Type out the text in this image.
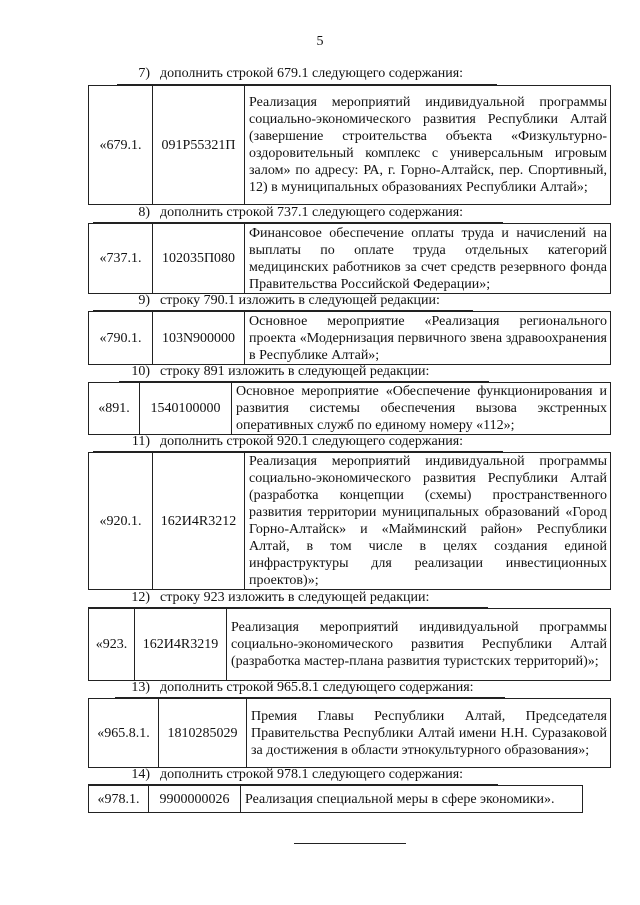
5
7) дополнить строкой 679.1 следующего содержания:
«679.1.	091P55321П	Реализация мероприятий индивидуальной программы социально-экономического развития Республики Алтай (завершение строительства объекта «Физкультурно-оздоровительный комплекс с универсальным игровым залом» по адресу: РА, г. Горно-Алтайск, пер. Спортивный, 12) в муниципальных образованиях Республики Алтай»;
8) дополнить строкой 737.1 следующего содержания:
«737.1.	102035П080	Финансовое обеспечение оплаты труда и начислений на выплаты по оплате труда отдельных категорий медицинских работников за счет средств резервного фонда Правительства Российской Федерации»;
9) строку 790.1 изложить в следующей редакции:
«790.1.	103N900000	Основное мероприятие «Реализация регионального проекта «Модернизация первичного звена здравоохранения в Республике Алтай»;
10) строку 891 изложить в следующей редакции:
«891.	1540100000	Основное мероприятие «Обеспечение функционирования и развития системы обеспечения вызова экстренных оперативных служб по единому номеру «112»;
11) дополнить строкой 920.1 следующего содержания:
«920.1.	162И4R3212	Реализация мероприятий индивидуальной программы социально-экономического развития Республики Алтай (разработка концепции (схемы) пространственного развития территории муниципальных образований «Город Горно-Алтайск» и «Майминский район» Республики Алтай, в том числе в целях создания единой инфраструктуры для реализации инвестиционных проектов)»;
12) строку 923 изложить в следующей редакции:
«923.	162И4R3219	Реализация мероприятий индивидуальной программы социально-экономического развития Республики Алтай (разработка мастер-плана развития туристских территорий)»;
13) дополнить строкой 965.8.1 следующего содержания:
«965.8.1.	1810285029	Премия Главы Республики Алтай, Председателя Правительства Республики Алтай имени Н.Н. Суразаковой за достижения в области этнокультурного образования»;
14) дополнить строкой 978.1 следующего содержания:
«978.1.	9900000026	Реализация специальной меры в сфере экономики».
